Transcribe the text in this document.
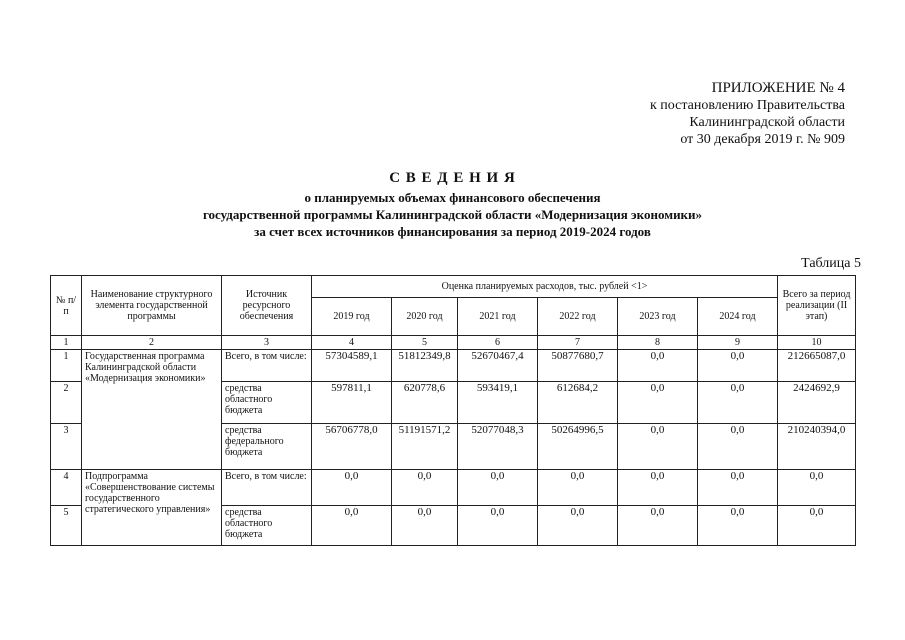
ПРИЛОЖЕНИЕ № 4
к постановлению Правительства
Калининградской области
от 30 декабря 2019 г. № 909
С В Е Д Е Н И Я
о планируемых объемах финансового обеспечения
государственной программы Калининградской области «Модернизация экономики»
за счет всех источников финансирования за период 2019-2024 годов
Таблица 5
№ п/п	Наименование структурного элемента государственной программы	Источник ресурсного обеспечения	Оценка планируемых расходов, тыс. рублей <1>						Всего за период реализации (II этап)
			2019 год	2020 год	2021 год	2022 год	2023 год	2024 год	
1	2	3	4	5	6	7	8	9	10
1	Государственная программа Калининградской области «Модернизация экономики»	Всего, в том числе:	57304589,1	51812349,8	52670467,4	50877680,7	0,0	0,0	212665087,0
2		средства областного бюджета	597811,1	620778,6	593419,1	612684,2	0,0	0,0	2424692,9
3		средства федерального бюджета	56706778,0	51191571,2	52077048,3	50264996,5	0,0	0,0	210240394,0
4	Подпрограмма «Совершенствование системы государственного стратегического управления»	Всего, в том числе:	0,0	0,0	0,0	0,0	0,0	0,0	0,0
5		средства областного бюджета	0,0	0,0	0,0	0,0	0,0	0,0	0,0
